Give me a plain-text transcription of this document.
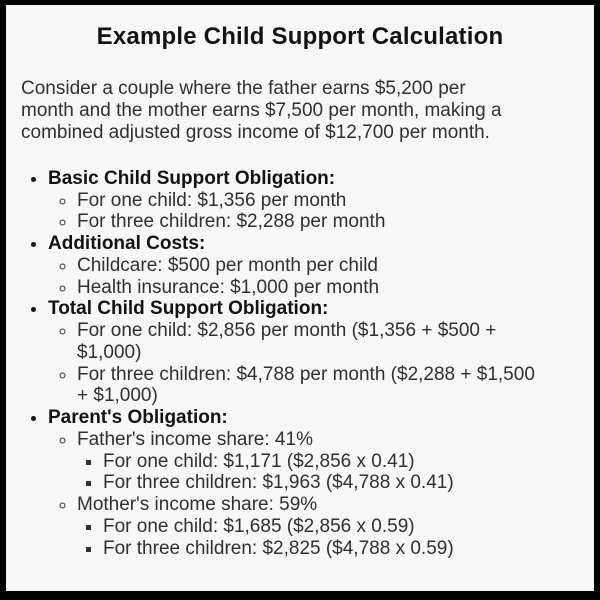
Example Child Support Calculation

Consider a couple where the father earns $5,200 per month and the mother earns $7,500 per month, making a combined adjusted gross income of $12,700 per month.

• Basic Child Support Obligation:
◦ For one child: $1,356 per month
◦ For three children: $2,288 per month
• Additional Costs:
◦ Childcare: $500 per month per child
◦ Health insurance: $1,000 per month
• Total Child Support Obligation:
◦ For one child: $2,856 per month ($1,356 + $500 + $1,000)
◦ For three children: $4,788 per month ($2,288 + $1,500 + $1,000)
• Parent's Obligation:
◦ Father's income share: 41%
▪ For one child: $1,171 ($2,856 x 0.41)
▪ For three children: $1,963 ($4,788 x 0.41)
◦ Mother's income share: 59%
▪ For one child: $1,685 ($2,856 x 0.59)
▪ For three children: $2,825 ($4,788 x 0.59)
